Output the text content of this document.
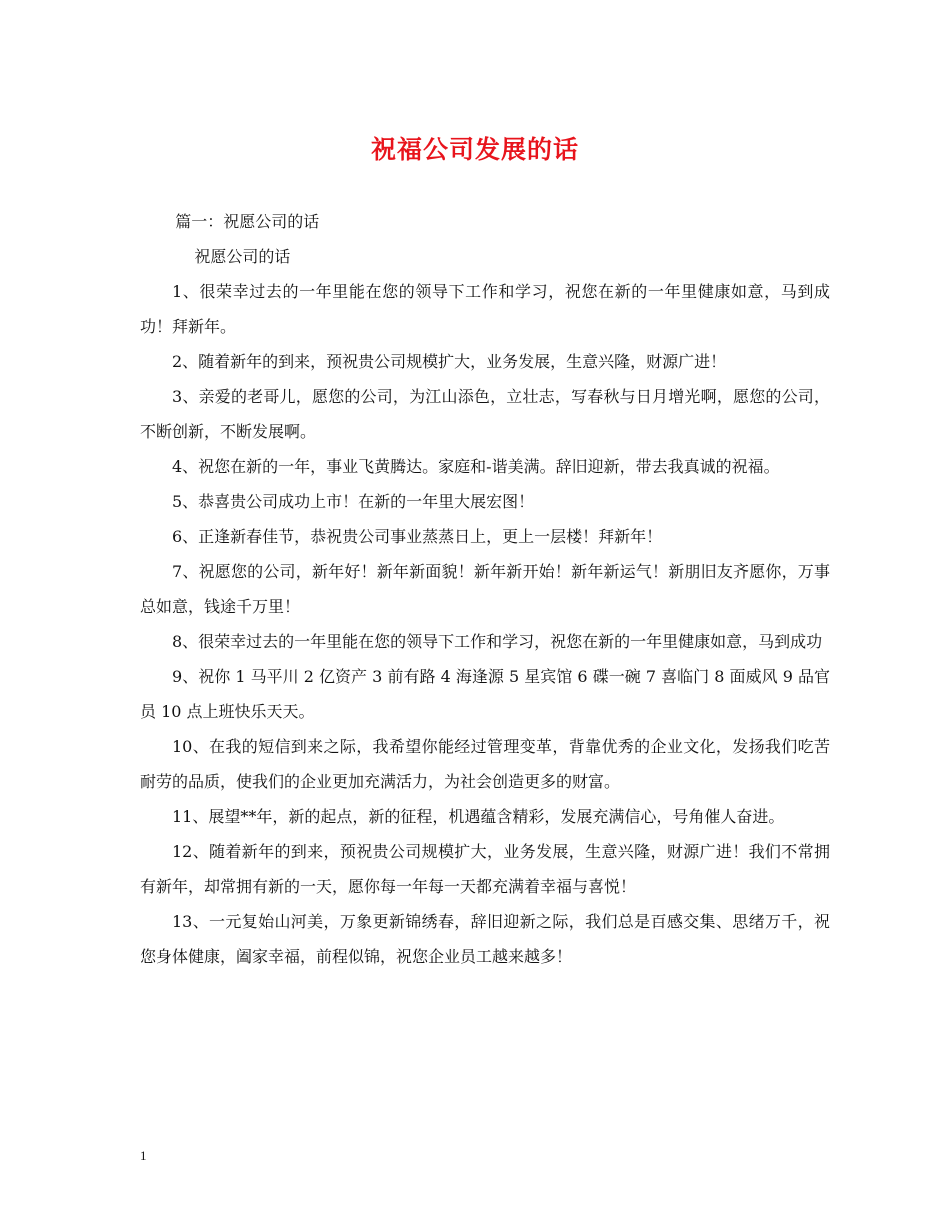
祝福公司发展的话

篇一：祝愿公司的话

祝愿公司的话

1、很荣幸过去的一年里能在您的领导下工作和学习，祝您在新的一年里健康如意，马到成功！拜新年。

2、随着新年的到来，预祝贵公司规模扩大，业务发展，生意兴隆，财源广进！

3、亲爱的老哥儿，愿您的公司，为江山添色，立壮志，写春秋与日月增光啊，愿您的公司，不断创新，不断发展啊。

4、祝您在新的一年，事业飞黄腾达。家庭和-谐美满。辞旧迎新，带去我真诚的祝福。

5、恭喜贵公司成功上市！在新的一年里大展宏图！

6、正逢新春佳节，恭祝贵公司事业蒸蒸日上，更上一层楼！拜新年！

7、祝愿您的公司，新年好！新年新面貌！新年新开始！新年新运气！新朋旧友齐愿你，万事总如意，钱途千万里！

8、很荣幸过去的一年里能在您的领导下工作和学习，祝您在新的一年里健康如意，马到成功

9、祝你 1 马平川 2 亿资产 3 前有路 4 海逢源 5 星宾馆 6 碟一碗 7 喜临门 8 面威风 9 品官员 10 点上班快乐天天。

10、在我的短信到来之际，我希望你能经过管理变革，背靠优秀的企业文化，发扬我们吃苦耐劳的品质，使我们的企业更加充满活力，为社会创造更多的财富。

11、展望**年，新的起点，新的征程，机遇蕴含精彩，发展充满信心，号角催人奋进。

12、随着新年的到来，预祝贵公司规模扩大，业务发展，生意兴隆，财源广进！我们不常拥有新年，却常拥有新的一天，愿你每一年每一天都充满着幸福与喜悦！

13、一元复始山河美，万象更新锦绣春，辞旧迎新之际，我们总是百感交集、思绪万千，祝您身体健康，阖家幸福，前程似锦，祝您企业员工越来越多！

1
